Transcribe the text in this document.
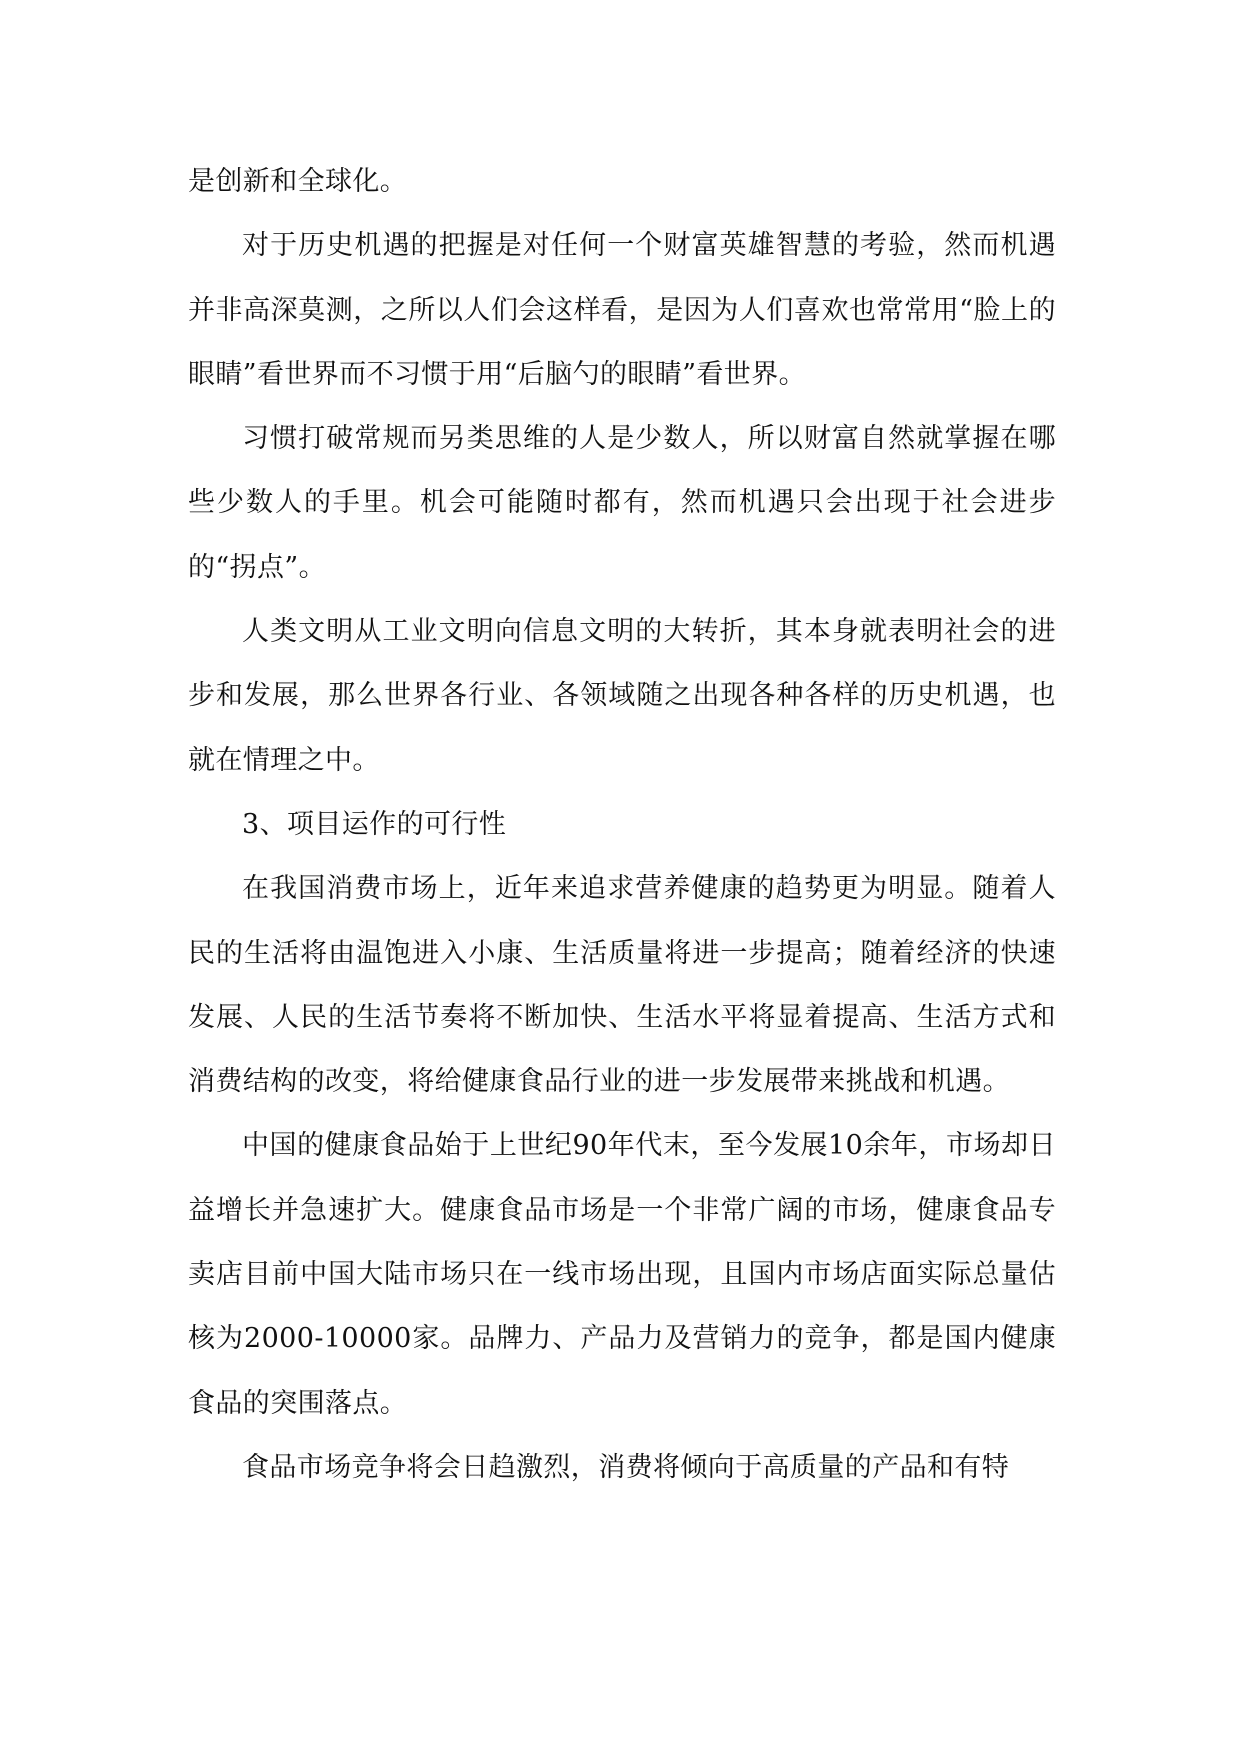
是创新和全球化。

对于历史机遇的把握是对任何一个财富英雄智慧的考验，然而机遇并非高深莫测，之所以人们会这样看，是因为人们喜欢也常常用“脸上的眼睛”看世界而不习惯于用“后脑勺的眼睛”看世界。

习惯打破常规而另类思维的人是少数人，所以财富自然就掌握在哪些少数人的手里。机会可能随时都有，然而机遇只会出现于社会进步的“拐点”。

人类文明从工业文明向信息文明的大转折，其本身就表明社会的进步和发展，那么世界各行业、各领域随之出现各种各样的历史机遇，也就在情理之中。

3、项目运作的可行性

在我国消费市场上，近年来追求营养健康的趋势更为明显。随着人民的生活将由温饱进入小康、生活质量将进一步提高；随着经济的快速发展、人民的生活节奏将不断加快、生活水平将显着提高、生活方式和消费结构的改变，将给健康食品行业的进一步发展带来挑战和机遇。

中国的健康食品始于上世纪90年代末，至今发展10余年，市场却日益增长并急速扩大。健康食品市场是一个非常广阔的市场，健康食品专卖店目前中国大陆市场只在一线市场出现，且国内市场店面实际总量估核为2000-10000家。品牌力、产品力及营销力的竞争，都是国内健康食品的突围落点。

食品市场竞争将会日趋激烈，消费将倾向于高质量的产品和有特
